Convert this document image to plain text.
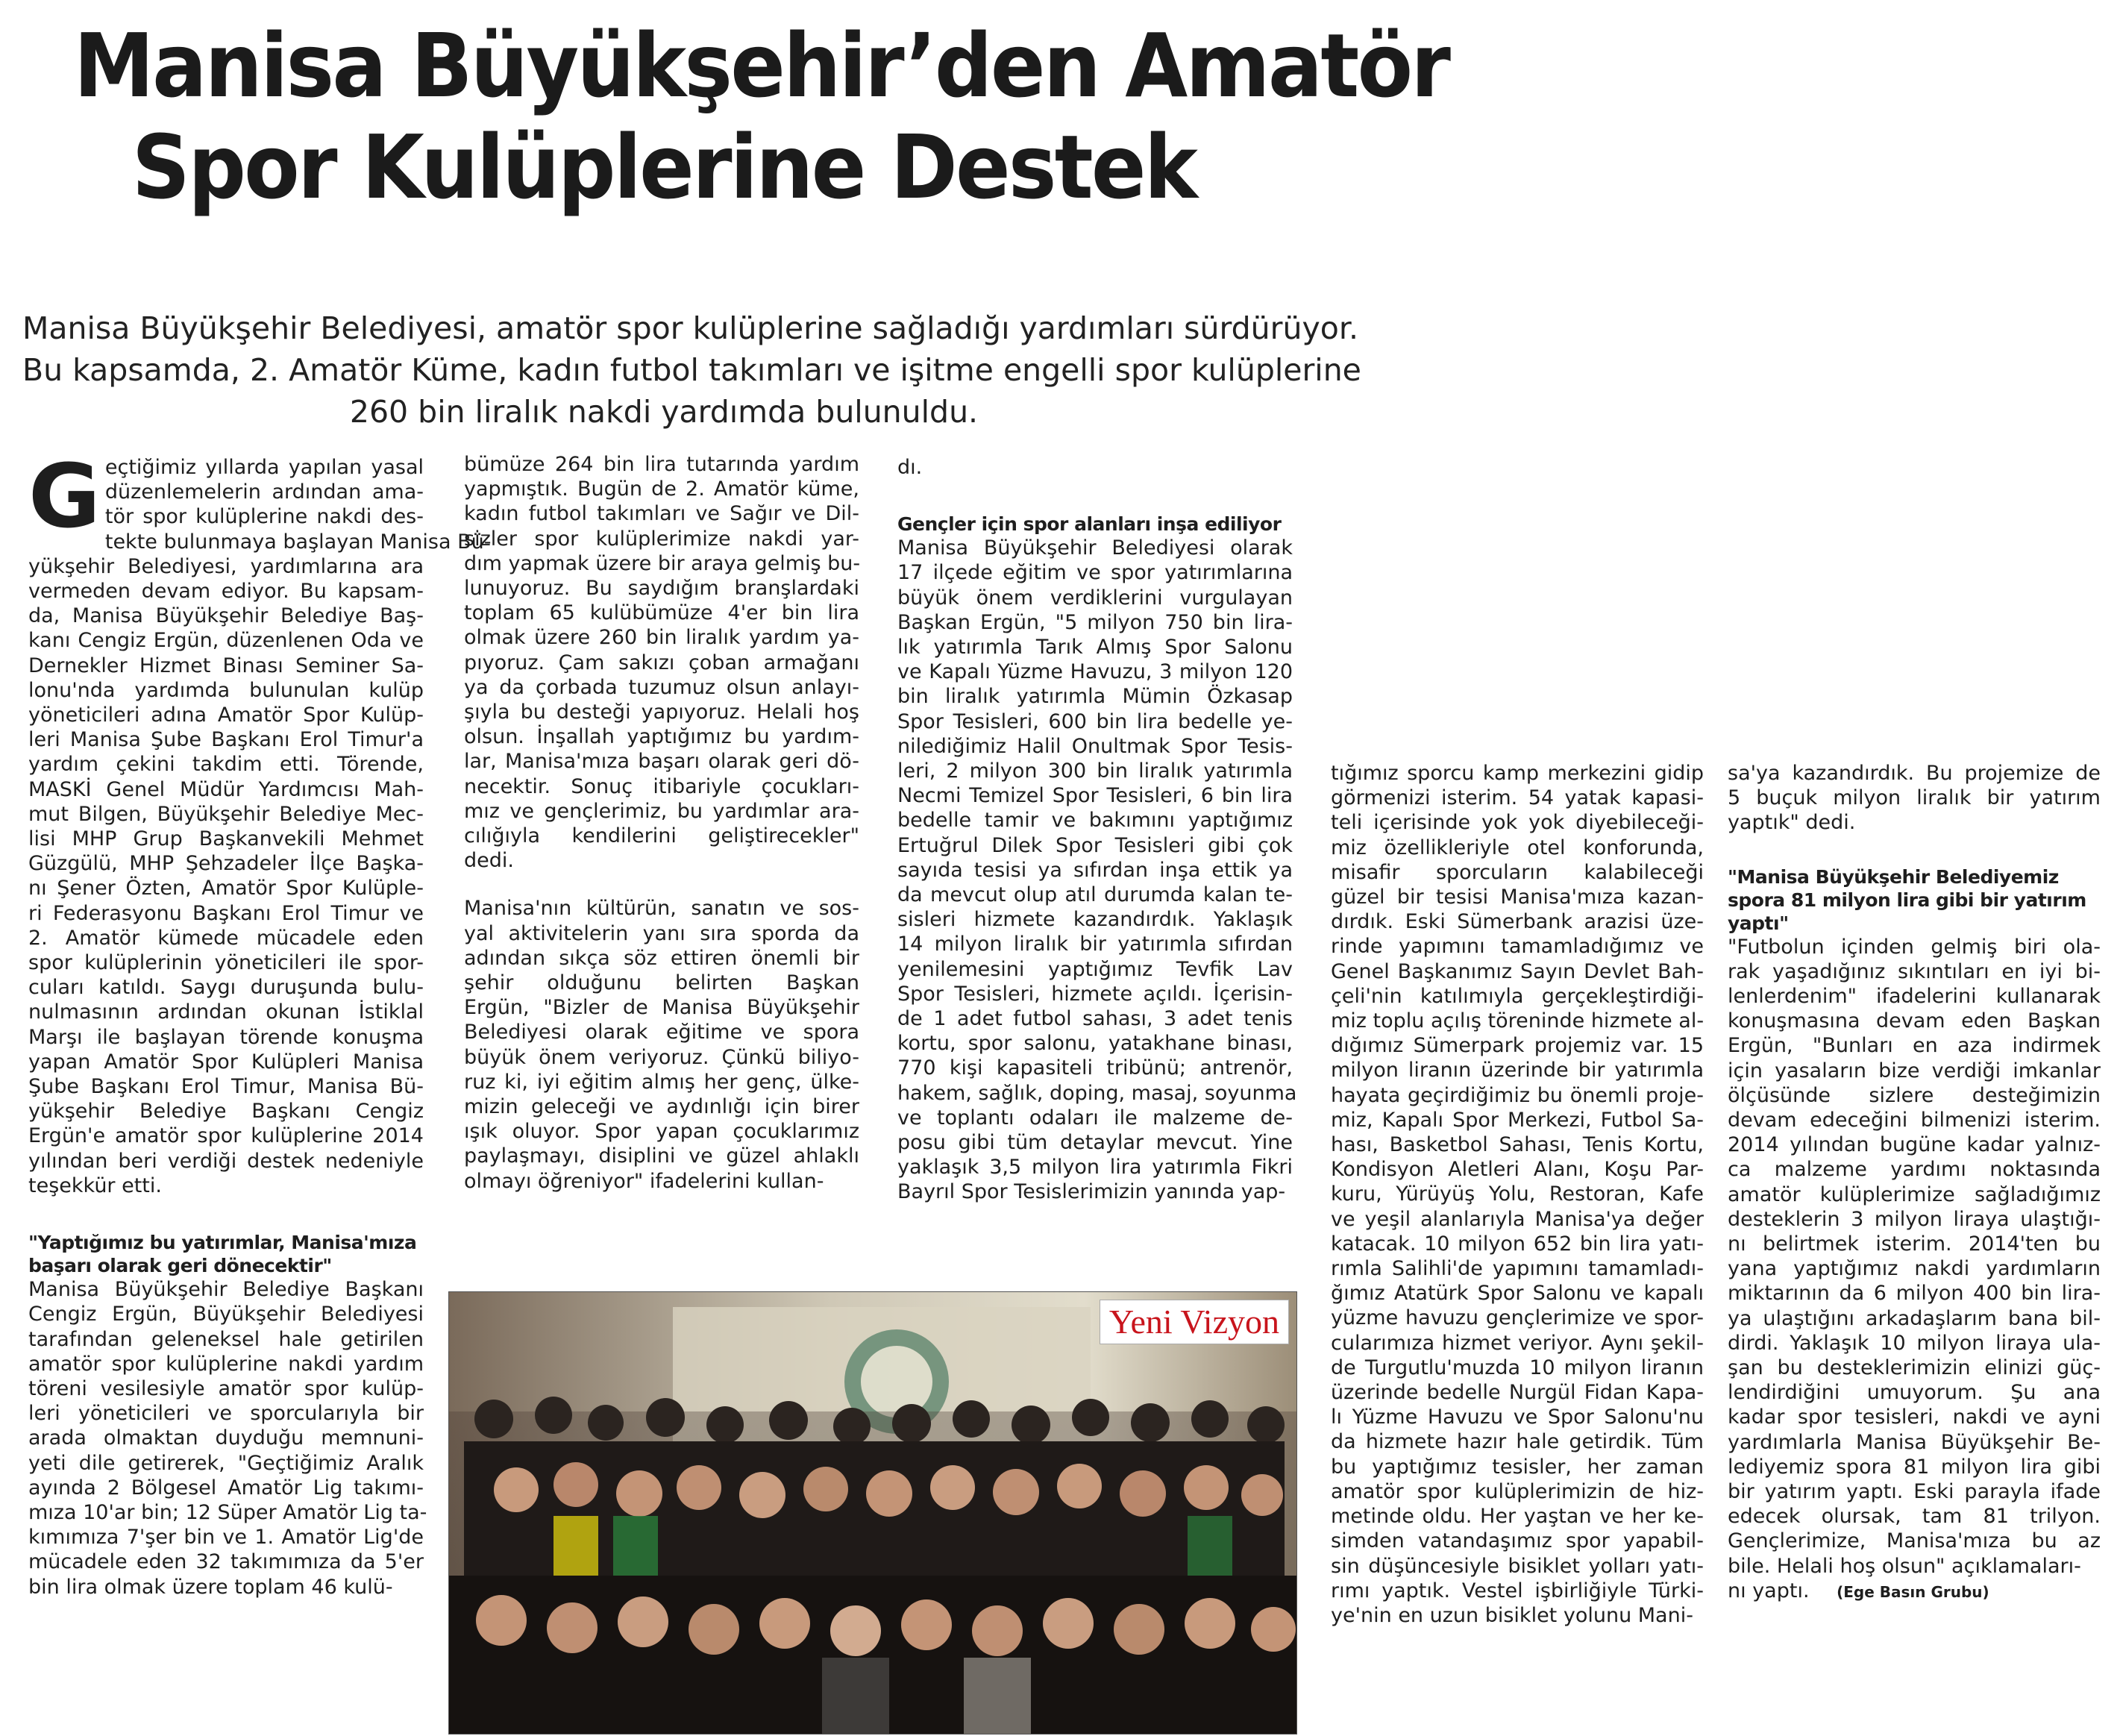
Manisa Büyükşehir’den Amatör
Spor Kulüplerine Destek

Manisa Büyükşehir Belediyesi, amatör spor kulüplerine sağladığı yardımları sürdürüyor.
Bu kapsamda, 2. Amatör Küme, kadın futbol takımları ve işitme engelli spor kulüplerine
260 bin liralık nakdi yardımda bulunuldu.

G eçtiğimiz yıllarda yapılan yasal
düzenlemelerin ardından ama-
tör spor kulüplerine nakdi des-
tekte bulunmaya başlayan Manisa Bü-
yükşehir Belediyesi, yardımlarına ara
vermeden devam ediyor. Bu kapsam-
da, Manisa Büyükşehir Belediye Baş-
kanı Cengiz Ergün, düzenlenen Oda ve
Dernekler Hizmet Binası Seminer Sa-
lonu'nda yardımda bulunulan kulüp
yöneticileri adına Amatör Spor Kulüp-
leri Manisa Şube Başkanı Erol Timur'a
yardım çekini takdim etti. Törende,
MASKİ Genel Müdür Yardımcısı Mah-
mut Bilgen, Büyükşehir Belediye Mec-
lisi MHP Grup Başkanvekili Mehmet
Güzgülü, MHP Şehzadeler İlçe Başka-
nı Şener Özten, Amatör Spor Kulüple-
ri Federasyonu Başkanı Erol Timur ve
2. Amatör kümede mücadele eden
spor kulüplerinin yöneticileri ile spor-
cuları katıldı. Saygı duruşunda bulu-
nulmasının ardından okunan İstiklal
Marşı ile başlayan törende konuşma
yapan Amatör Spor Kulüpleri Manisa
Şube Başkanı Erol Timur, Manisa Bü-
yükşehir Belediye Başkanı Cengiz
Ergün'e amatör spor kulüplerine 2014
yılından beri verdiği destek nedeniyle
teşekkür etti.
"Yaptığımız bu yatırımlar, Manisa'mıza
başarı olarak geri dönecektir"
Manisa Büyükşehir Belediye Başkanı
Cengiz Ergün, Büyükşehir Belediyesi
tarafından geleneksel hale getirilen
amatör spor kulüplerine nakdi yardım
töreni vesilesiyle amatör spor kulüp-
leri yöneticileri ve sporcularıyla bir
arada olmaktan duyduğu memnuni-
yeti dile getirerek, "Geçtiğimiz Aralık
ayında 2 Bölgesel Amatör Lig takımı-
mıza 10'ar bin; 12 Süper Amatör Lig ta-
kımımıza 7'şer bin ve 1. Amatör Lig'de
mücadele eden 32 takımımıza da 5'er
bin lira olmak üzere toplam 46 kulü-
bümüze 264 bin lira tutarında yardım
yapmıştık. Bugün de 2. Amatör küme,
kadın futbol takımları ve Sağır ve Dil-
sizler spor kulüplerimize nakdi yar-
dım yapmak üzere bir araya gelmiş bu-
lunuyoruz. Bu saydığım branşlardaki
toplam 65 kulübümüze 4'er bin lira
olmak üzere 260 bin liralık yardım ya-
pıyoruz. Çam sakızı çoban armağanı
ya da çorbada tuzumuz olsun anlayı-
şıyla bu desteği yapıyoruz. Helali hoş
olsun. İnşallah yaptığımız bu yardım-
lar, Manisa'mıza başarı olarak geri dö-
necektir. Sonuç itibariyle çocukları-
mız ve gençlerimiz, bu yardımlar ara-
cılığıyla kendilerini geliştirecekler"
dedi.
Manisa'nın kültürün, sanatın ve sos-
yal aktivitelerin yanı sıra sporda da
adından sıkça söz ettiren önemli bir
şehir olduğunu belirten Başkan
Ergün, "Bizler de Manisa Büyükşehir
Belediyesi olarak eğitime ve spora
büyük önem veriyoruz. Çünkü biliyo-
ruz ki, iyi eğitim almış her genç, ülke-
mizin geleceği ve aydınlığı için birer
ışık oluyor. Spor yapan çocuklarımız
paylaşmayı, disiplini ve güzel ahlaklı
olmayı öğreniyor" ifadelerini kullan-
dı.
Gençler için spor alanları inşa ediliyor
Manisa Büyükşehir Belediyesi olarak
17 ilçede eğitim ve spor yatırımlarına
büyük önem verdiklerini vurgulayan
Başkan Ergün, "5 milyon 750 bin lira-
lık yatırımla Tarık Almış Spor Salonu
ve Kapalı Yüzme Havuzu, 3 milyon 120
bin liralık yatırımla Mümin Özkasap
Spor Tesisleri, 600 bin lira bedelle ye-
nilediğimiz Halil Onultmak Spor Tesis-
leri, 2 milyon 300 bin liralık yatırımla
Necmi Temizel Spor Tesisleri, 6 bin lira
bedelle tamir ve bakımını yaptığımız
Ertuğrul Dilek Spor Tesisleri gibi çok
sayıda tesisi ya sıfırdan inşa ettik ya
da mevcut olup atıl durumda kalan te-
sisleri hizmete kazandırdık. Yaklaşık
14 milyon liralık bir yatırımla sıfırdan
yenilemesini yaptığımız Tevfik Lav
Spor Tesisleri, hizmete açıldı. İçerisin-
de 1 adet futbol sahası, 3 adet tenis
kortu, spor salonu, yatakhane binası,
770 kişi kapasiteli tribünü; antrenör,
hakem, sağlık, doping, masaj, soyunma
ve toplantı odaları ile malzeme de-
posu gibi tüm detaylar mevcut. Yine
yaklaşık 3,5 milyon lira yatırımla Fikri
Bayrıl Spor Tesislerimizin yanında yap-
tığımız sporcu kamp merkezini gidip
görmenizi isterim. 54 yatak kapasi-
teli içerisinde yok yok diyebileceği-
miz özellikleriyle otel konforunda,
misafir sporcuların kalabileceği
güzel bir tesisi Manisa'mıza kazan-
dırdık. Eski Sümerbank arazisi üze-
rinde yapımını tamamladığımız ve
Genel Başkanımız Sayın Devlet Bah-
çeli'nin katılımıyla gerçekleştirdiği-
miz toplu açılış töreninde hizmete al-
dığımız Sümerpark projemiz var. 15
milyon liranın üzerinde bir yatırımla
hayata geçirdiğimiz bu önemli proje-
miz, Kapalı Spor Merkezi, Futbol Sa-
hası, Basketbol Sahası, Tenis Kortu,
Kondisyon Aletleri Alanı, Koşu Par-
kuru, Yürüyüş Yolu, Restoran, Kafe
ve yeşil alanlarıyla Manisa'ya değer
katacak. 10 milyon 652 bin lira yatı-
rımla Salihli'de yapımını tamamladı-
ğımız Atatürk Spor Salonu ve kapalı
yüzme havuzu gençlerimize ve spor-
cularımıza hizmet veriyor. Aynı şekil-
de Turgutlu'muzda 10 milyon liranın
üzerinde bedelle Nurgül Fidan Kapa-
lı Yüzme Havuzu ve Spor Salonu'nu
da hizmete hazır hale getirdik. Tüm
bu yaptığımız tesisler, her zaman
amatör spor kulüplerimizin de hiz-
metinde oldu. Her yaştan ve her ke-
simden vatandaşımız spor yapabil-
sin düşüncesiyle bisiklet yolları yatı-
rımı yaptık. Vestel işbirliğiyle Türki-
ye'nin en uzun bisiklet yolunu Mani-
sa'ya kazandırdık. Bu projemize de
5 buçuk milyon liralık bir yatırım
yaptık" dedi.
"Manisa Büyükşehir Belediyemiz
spora 81 milyon lira gibi bir yatırım
yaptı"
"Futbolun içinden gelmiş biri ola-
rak yaşadığınız sıkıntıları en iyi bi-
lenlerdenim" ifadelerini kullanarak
konuşmasına devam eden Başkan
Ergün, "Bunları en aza indirmek
için yasaların bize verdiği imkanlar
ölçüsünde sizlere desteğimizin
devam edeceğini bilmenizi isterim.
2014 yılından bugüne kadar yalnız-
ca malzeme yardımı noktasında
amatör kulüplerimize sağladığımız
desteklerin 3 milyon liraya ulaştığı-
nı belirtmek isterim. 2014'ten bu
yana yaptığımız nakdi yardımların
miktarının da 6 milyon 400 bin lira-
ya ulaştığını arkadaşlarım bana bil-
dirdi. Yaklaşık 10 milyon liraya ula-
şan bu desteklerimizin elinizi güç-
lendirdiğini umuyorum. Şu ana
kadar spor tesisleri, nakdi ve ayni
yardımlarla Manisa Büyükşehir Be-
lediyemiz spora 81 milyon lira gibi
bir yatırım yaptı. Eski parayla ifade
edecek olursak, tam 81 trilyon.
Gençlerimize, Manisa'mıza bu az
bile. Helali hoş olsun" açıklamaları-
nı yaptı. (Ege Basın Grubu)
Yeni Vizyon
